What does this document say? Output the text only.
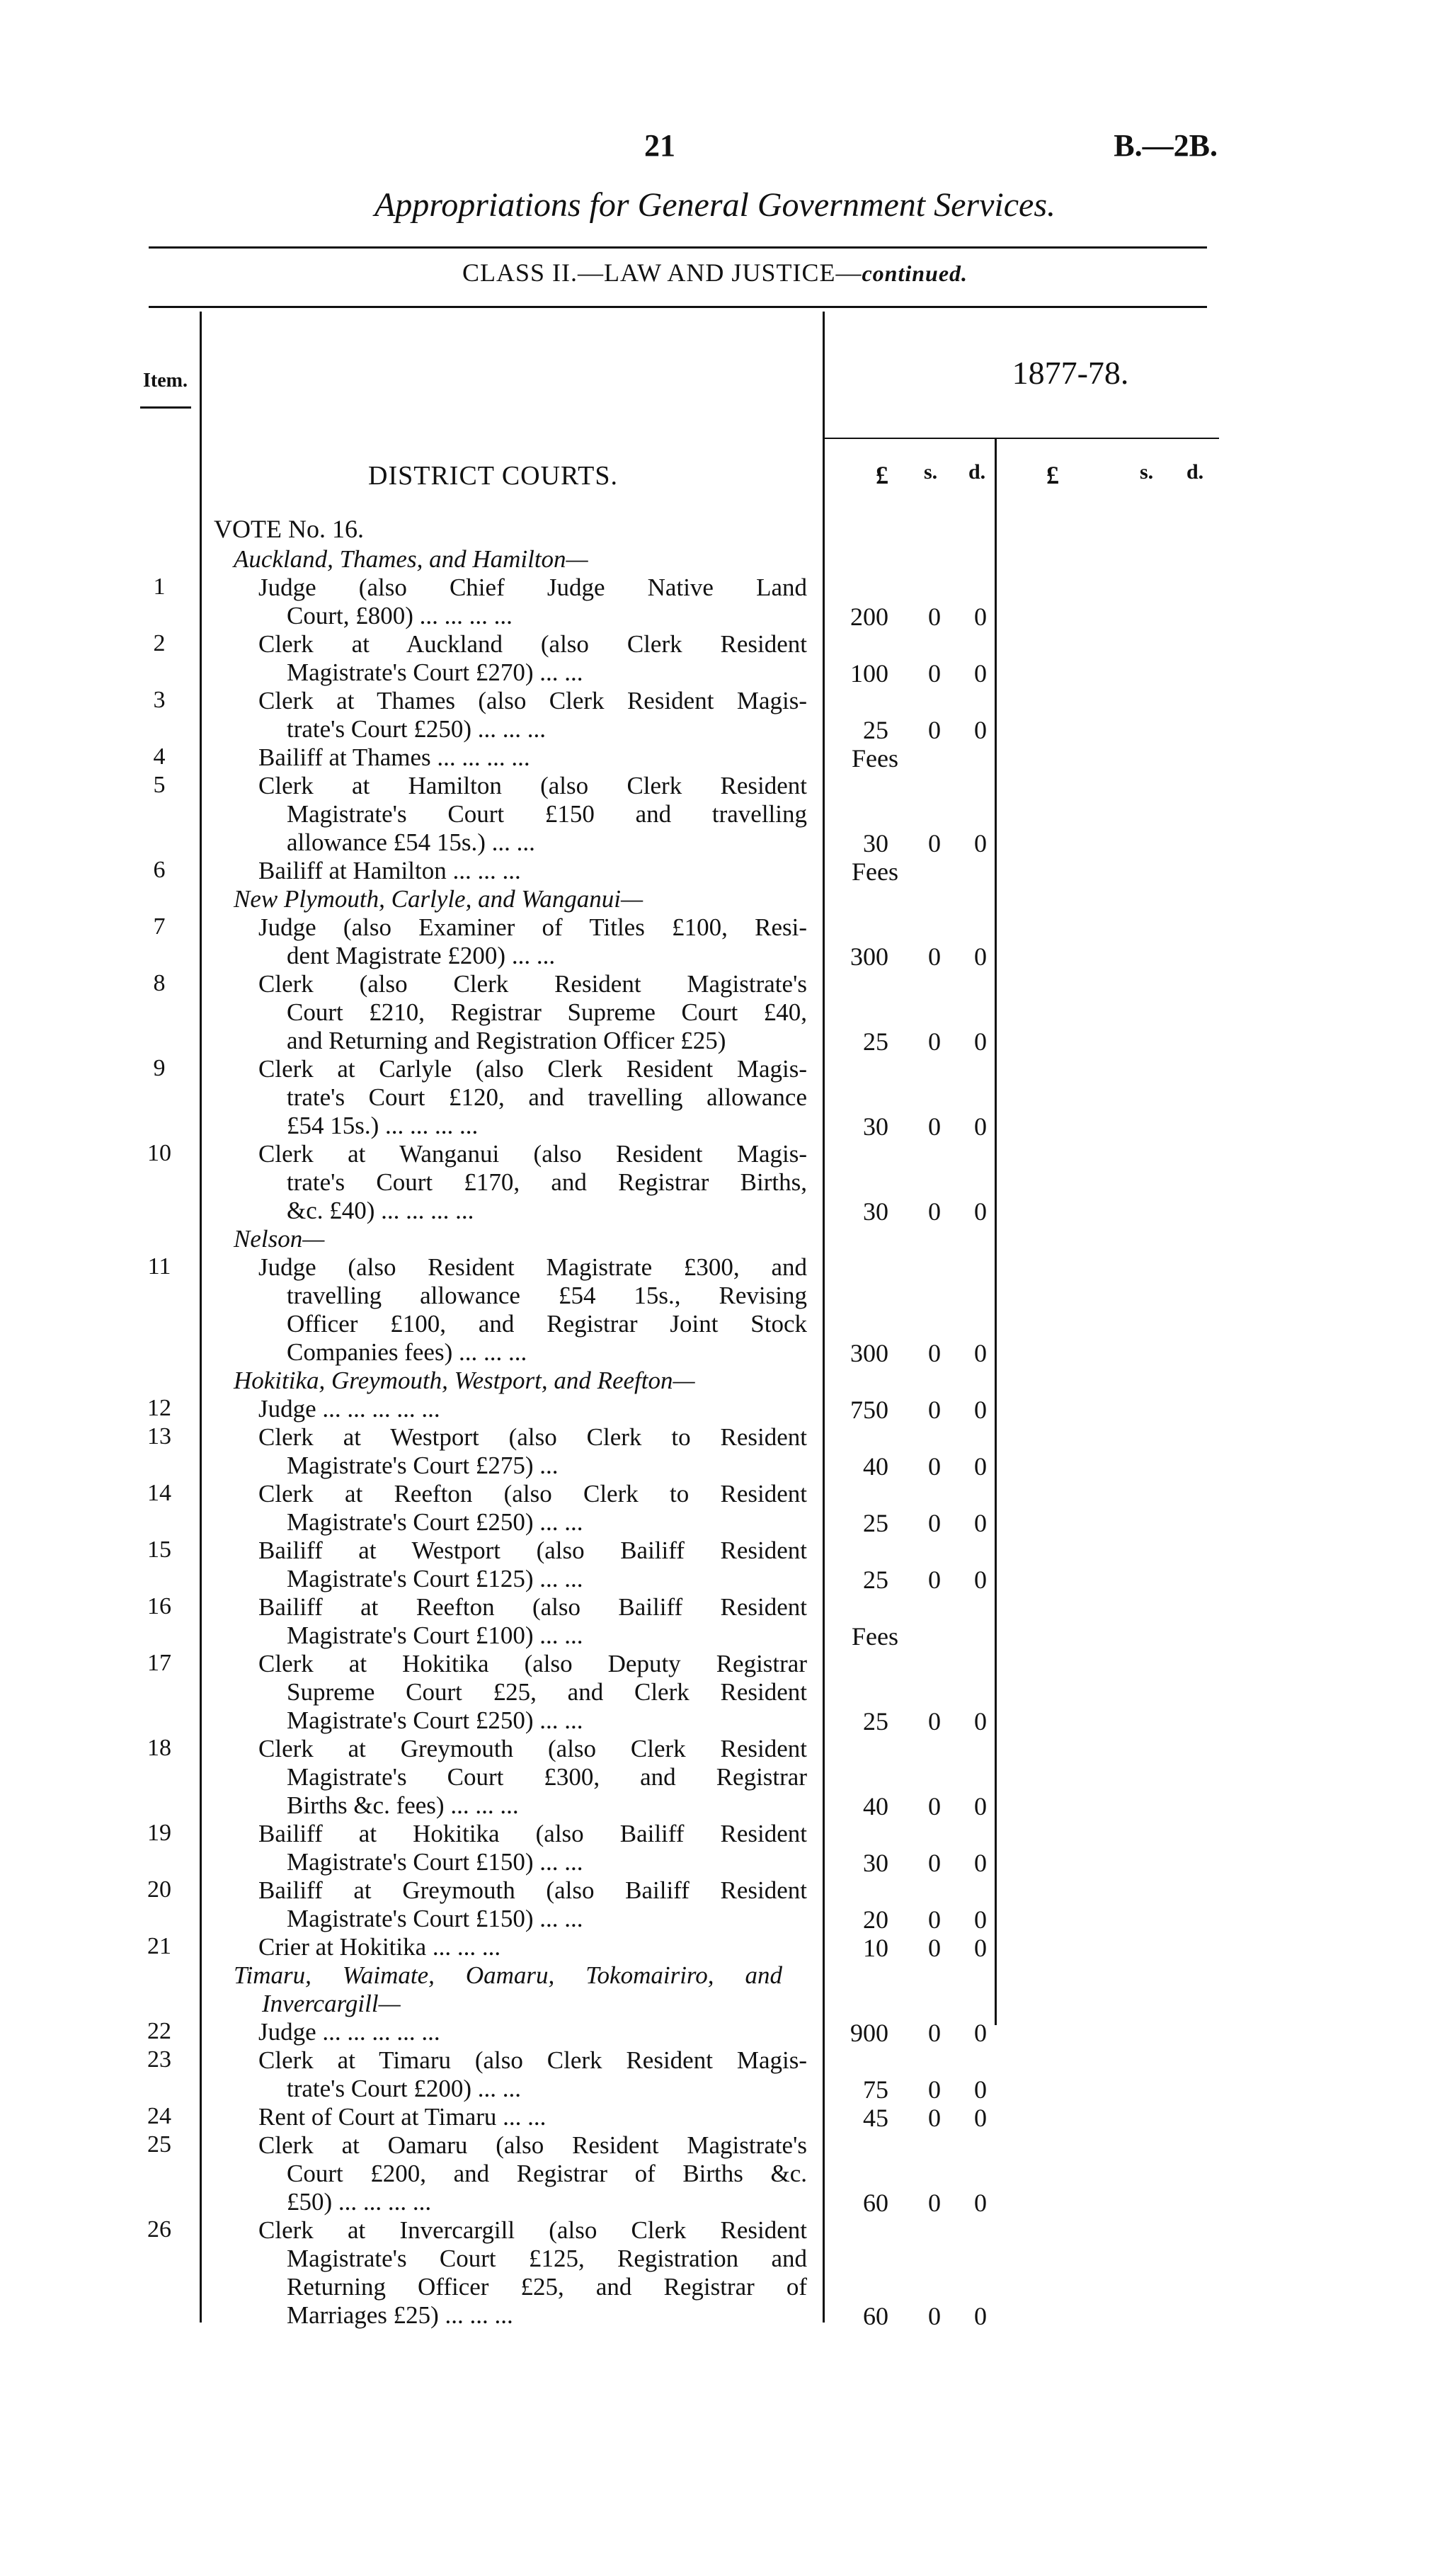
21	B.—2B.
Appropriations for General Government Services.
CLASS II.—LAW AND JUSTICE—continued.
Item.	1877-78.
DISTRICT COURTS.	£ s. d. £	s. d.
VOTE No. 16.
Auckland, Thames, and Hamilton—
1	Judge (also Chief Judge Native Land
Court, £800) ... ... ... ...	200 0 0
2	Clerk at Auckland (also Clerk Resident
Magistrate's Court £270) ... ...	100 0 0
3	Clerk at Thames (also Clerk Resident Magis-
trate's Court £250) ... ... ...	25 0 0
4	Bailiff at Thames ... ... ... ...	Fees
5	Clerk at Hamilton (also Clerk Resident
Magistrate's Court £150 and travelling
allowance £54 15s.) ... ...	30 0 0
6	Bailiff at Hamilton ... ... ...	Fees
New Plymouth, Carlyle, and Wanganui—
7	Judge (also Examiner of Titles £100, Resi-
dent Magistrate £200) ... ...	300 0 0
8	Clerk (also Clerk Resident Magistrate's
Court £210, Registrar Supreme Court £40,
and Returning and Registration Officer £25)	25 0 0
9	Clerk at Carlyle (also Clerk Resident Magis-
trate's Court £120, and travelling allowance
£54 15s.) ... ... ... ...	30 0 0
10	Clerk at Wanganui (also Resident Magis-
trate's Court £170, and Registrar Births,
&c. £40) ... ... ... ...	30 0 0
Nelson—
11	Judge (also Resident Magistrate £300, and
travelling allowance £54 15s., Revising
Officer £100, and Registrar Joint Stock
Companies fees) ... ... ...	300 0 0
Hokitika, Greymouth, Westport, and Reefton—
12	Judge ... ... ... ... ...	750 0 0
13	Clerk at Westport (also Clerk to Resident
Magistrate's Court £275) ...	40 0 0
14	Clerk at Reefton (also Clerk to Resident
Magistrate's Court £250) ... ...	25 0 0
15	Bailiff at Westport (also Bailiff Resident
Magistrate's Court £125) ... ...	25 0 0
16	Bailiff at Reefton (also Bailiff Resident
Magistrate's Court £100) ... ...	Fees
17	Clerk at Hokitika (also Deputy Registrar
Supreme Court £25, and Clerk Resident
Magistrate's Court £250) ... ...	25 0 0
18	Clerk at Greymouth (also Clerk Resident
Magistrate's Court £300, and Registrar
Births &c. fees) ... ... ...	40 0 0
19	Bailiff at Hokitika (also Bailiff Resident
Magistrate's Court £150) ... ...	30 0 0
20	Bailiff at Greymouth (also Bailiff Resident
Magistrate's Court £150) ... ...	20 0 0
21	Crier at Hokitika ... ... ...	10 0 0
Timaru, Waimate, Oamaru, Tokomairiro, and
Invercargill—
22	Judge ... ... ... ... ...	900 0 0
23	Clerk at Timaru (also Clerk Resident Magis-
trate's Court £200) ... ...	75 0 0
24	Rent of Court at Timaru ... ...	45 0 0
25	Clerk at Oamaru (also Resident Magistrate's
Court £200, and Registrar of Births &c.
£50) ... ... ... ...	60 0 0
26	Clerk at Invercargill (also Clerk Resident
Magistrate's Court £125, Registration and
Returning Officer £25, and Registrar of
Marriages £25) ... ... ...	60 0 0
